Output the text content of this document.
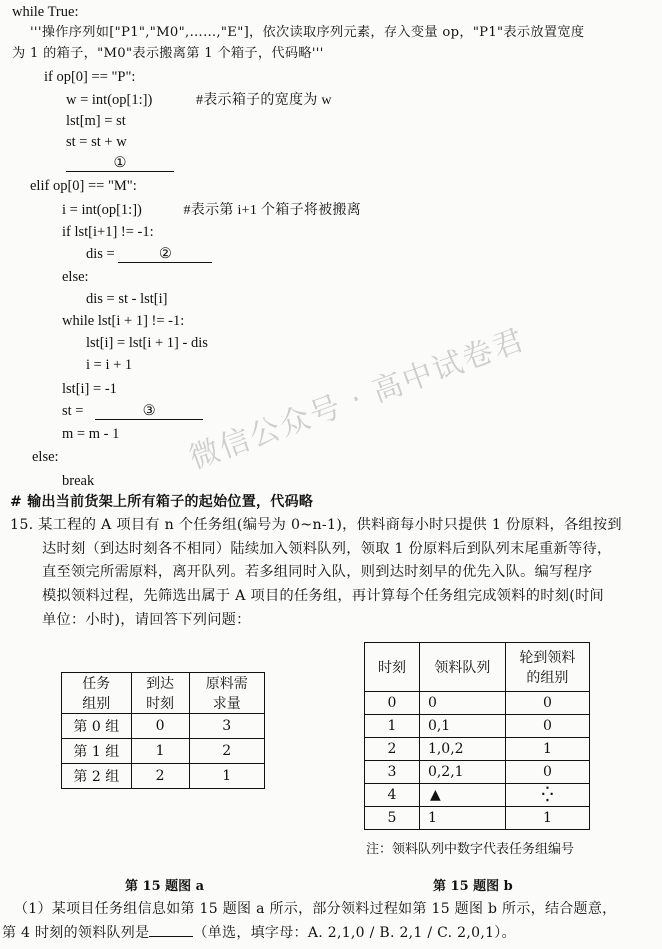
微信公众号 · 高中试卷君
while True:
'''操作序列如["P1","M0",……,"E"]，依次读取序列元素，存入变量 op，"P1"表示放置宽度
为 1 的箱子，"M0"表示搬离第 1 个箱子，代码略'''
if op[0] == "P":
w = int(op[1:])	#表示箱子的宽度为 w
lst[m] = st
st = st + w
①
elif op[0] == "M":
i = int(op[1:])	#表示第 i+1 个箱子将被搬离
if lst[i+1] != -1:
dis =	②
else:
dis = st - lst[i]
while lst[i + 1] != -1:
lst[i] = lst[i + 1] - dis
i = i + 1
lst[i] = -1
st =	③
m = m - 1
else:
break
# 输出当前货架上所有箱子的起始位置，代码略
15. 某工程的 A 项目有 n 个任务组(编号为 0~n-1)，供料商每小时只提供 1 份原料，各组按到
达时刻（到达时刻各不相同）陆续加入领料队列，领取 1 份原料后到队列末尾重新等待，
直至领完所需原料，离开队列。若多组同时入队，则到达时刻早的优先入队。编写程序
模拟领料过程，先筛选出属于 A 项目的任务组，再计算每个任务组完成领料的时刻(时间
单位：小时)，请回答下列问题：
任务
组别	到达
时刻	原料需
求量
第 0 组	0	3
第 1 组	1	2
第 2 组	2	1
时刻	领料队列	轮到领料
的组别
0	0	0
1	0,1	0
2	1,0,2	1
3	0,2,1	0
4	▲	⁛
5	1	1
注：领料队列中数字代表任务组编号
第 15 题图 a	第 15 题图 b
（1）某项目任务组信息如第 15 题图 a 所示，部分领料过程如第 15 题图 b 所示，结合题意，
第 4 时刻的领料队列是	（单选，填字母：A. 2,1,0 / B. 2,1 / C. 2,0,1）。
